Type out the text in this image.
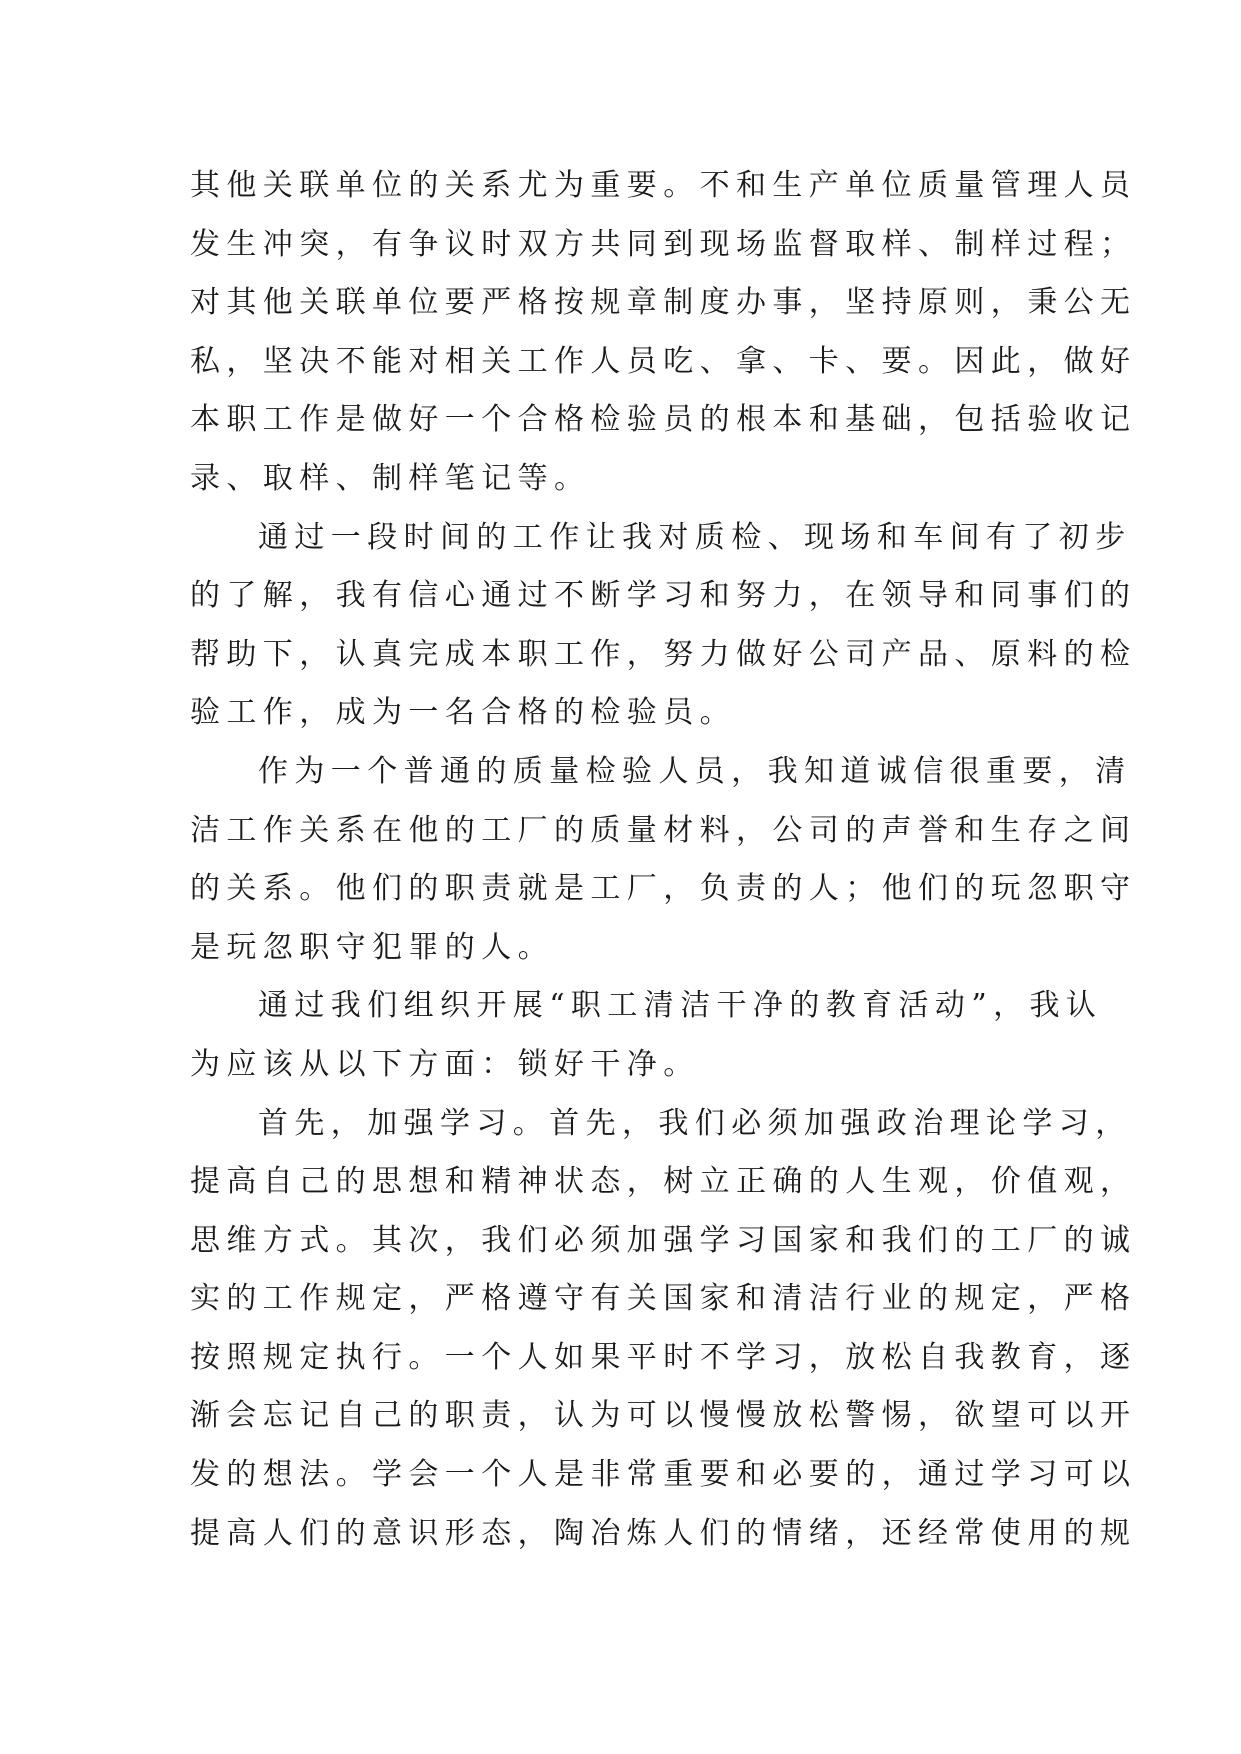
其他关联单位的关系尤为重要。不和生产单位质量管理人员
发生冲突，有争议时双方共同到现场监督取样、制样过程；
对其他关联单位要严格按规章制度办事，坚持原则，秉公无
私，坚决不能对相关工作人员吃、拿、卡、要。因此，做好
本职工作是做好一个合格检验员的根本和基础，包括验收记
录、取样、制样笔记等。
通过一段时间的工作让我对质检、现场和车间有了初步
的了解，我有信心通过不断学习和努力，在领导和同事们的
帮助下，认真完成本职工作，努力做好公司产品、原料的检
验工作，成为一名合格的检验员。
作为一个普通的质量检验人员，我知道诚信很重要，清
洁工作关系在他的工厂的质量材料，公司的声誉和生存之间
的关系。他们的职责就是工厂，负责的人；他们的玩忽职守
是玩忽职守犯罪的人。
通过我们组织开展“职工清洁干净的教育活动”，我认
为应该从以下方面：锁好干净。
首先，加强学习。首先，我们必须加强政治理论学习，
提高自己的思想和精神状态，树立正确的人生观，价值观，
思维方式。其次，我们必须加强学习国家和我们的工厂的诚
实的工作规定，严格遵守有关国家和清洁行业的规定，严格
按照规定执行。一个人如果平时不学习，放松自我教育，逐
渐会忘记自己的职责，认为可以慢慢放松警惕，欲望可以开
发的想法。学会一个人是非常重要和必要的，通过学习可以
提高人们的意识形态，陶冶炼人们的情绪，还经常使用的规
